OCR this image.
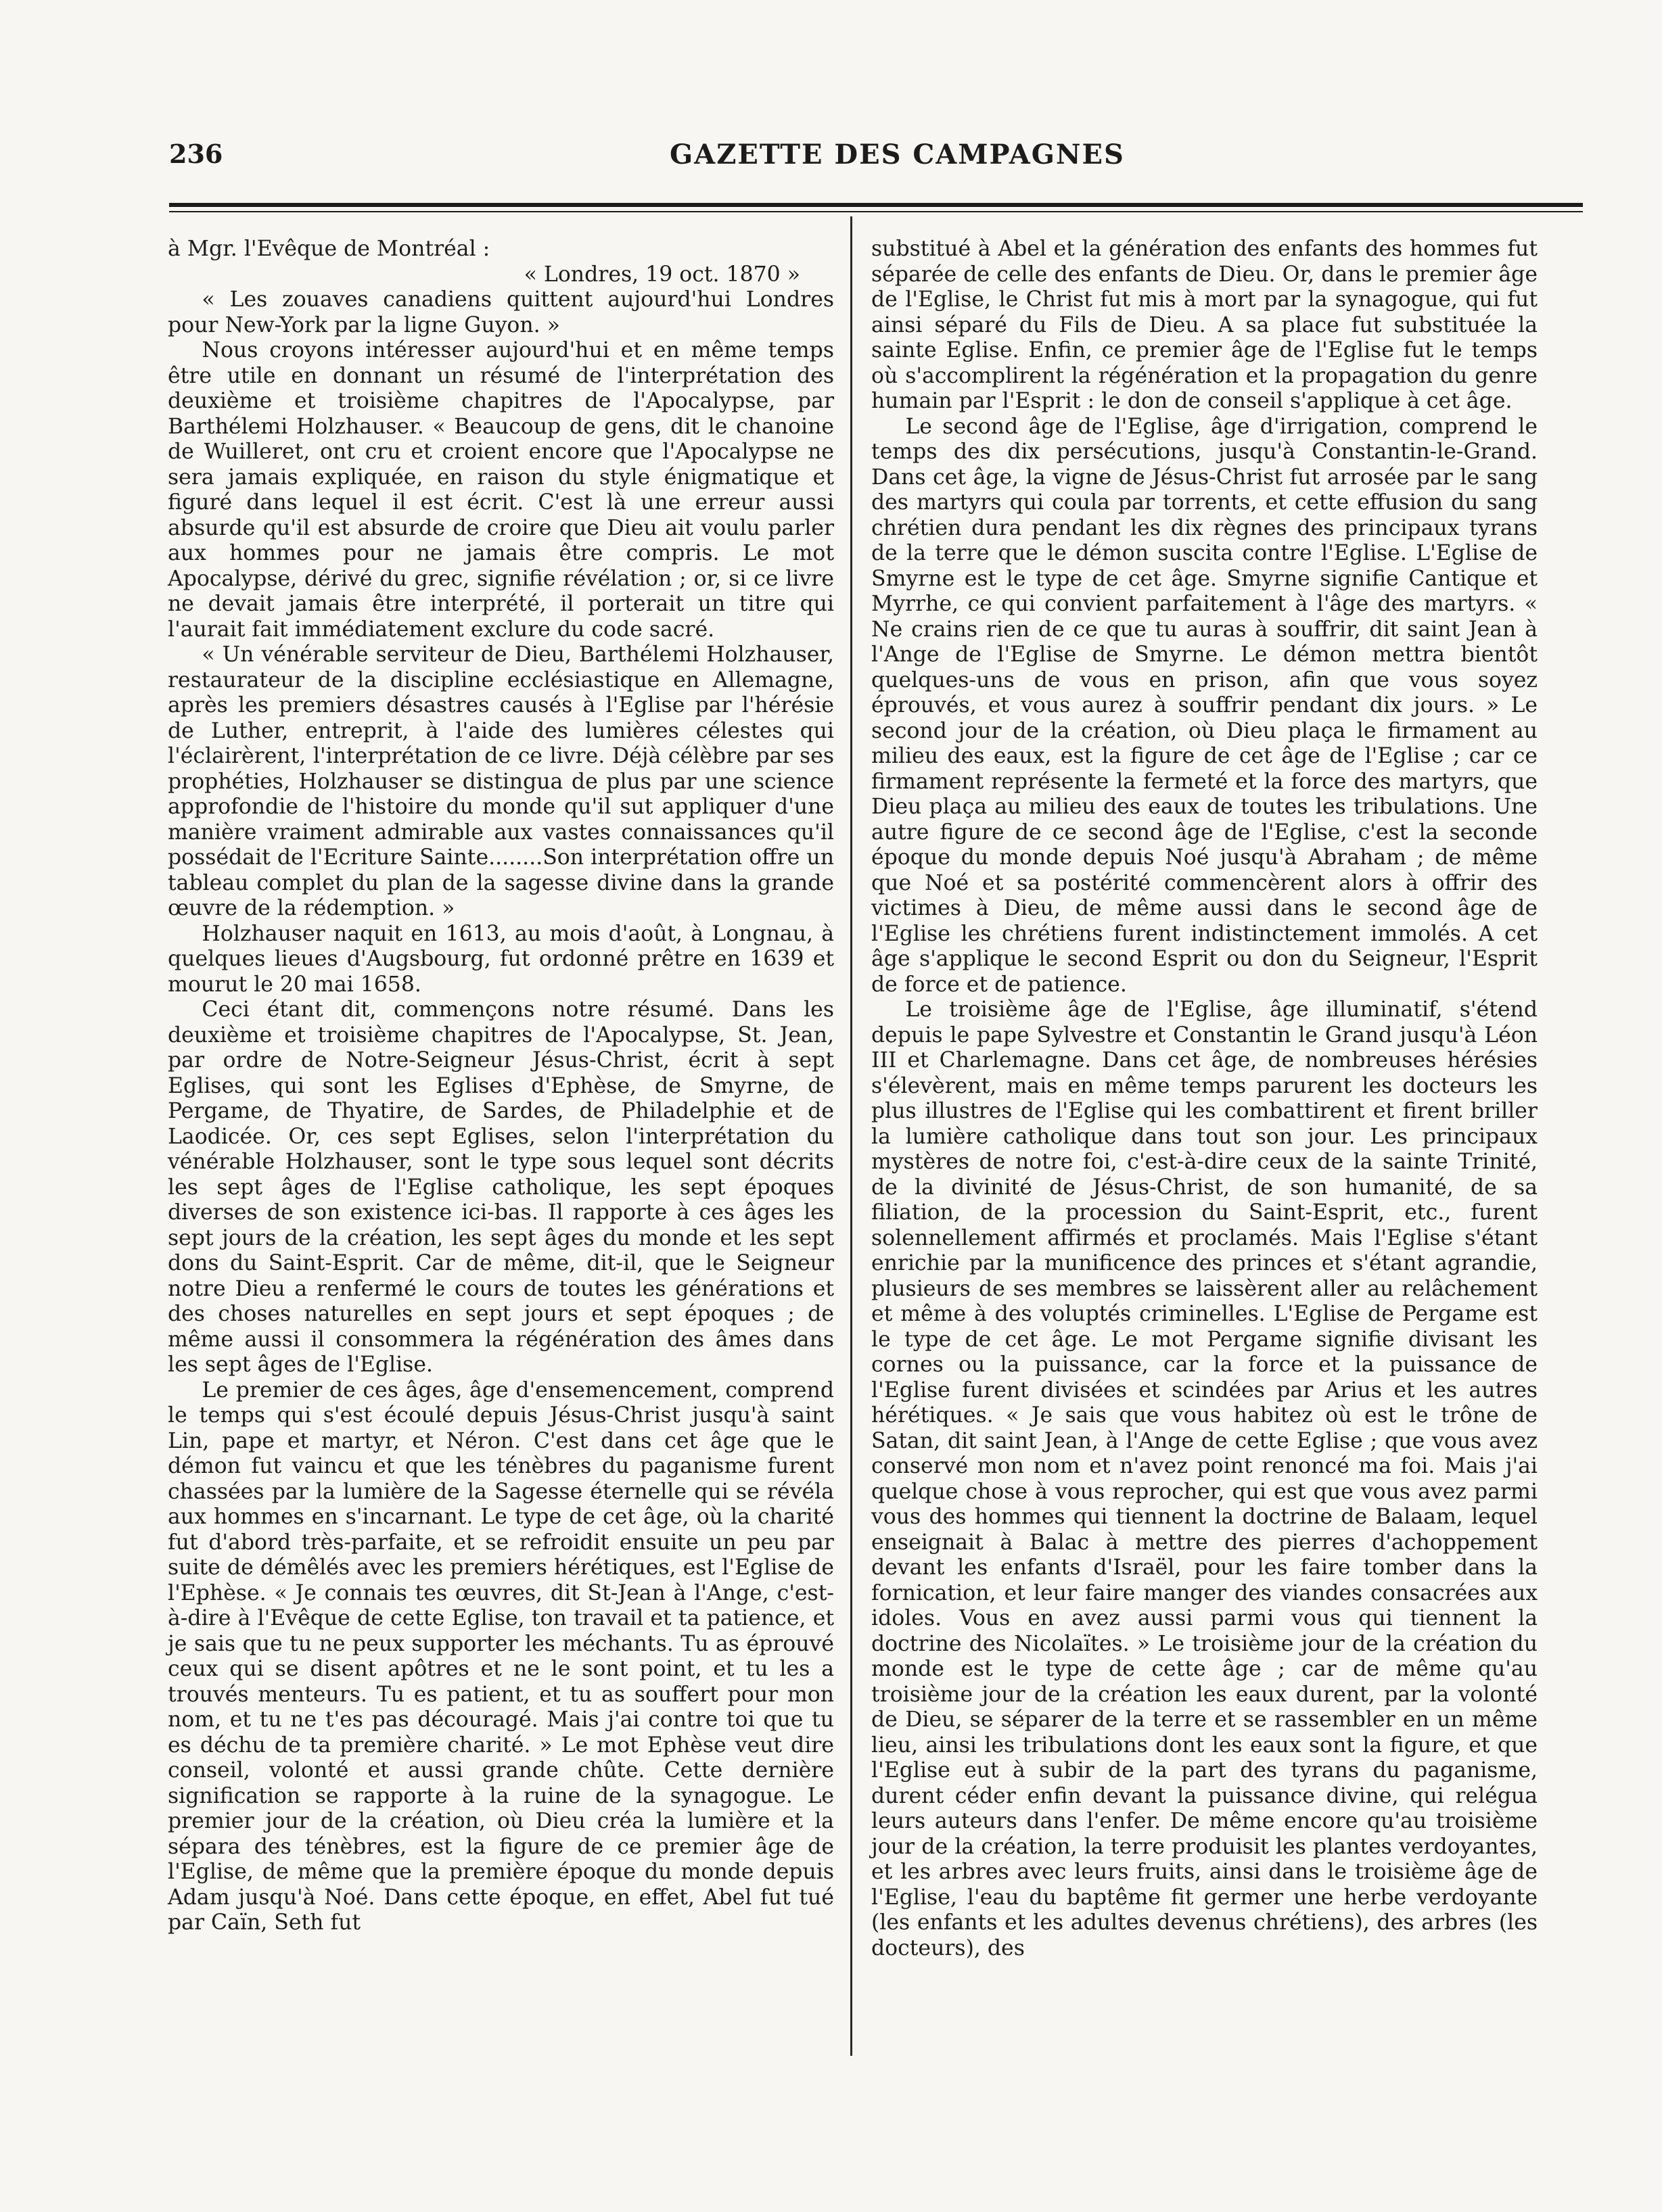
236	GAZETTE DES CAMPAGNES

à Mgr. l'Evêque de Montréal :

« Londres, 19 oct. 1870 »

« Les zouaves canadiens quittent aujourd'hui Londres pour New-York par la ligne Guyon. »

Nous croyons intéresser aujourd'hui et en même temps être utile en donnant un résumé de l'interprétation des deuxième et troisième chapitres de l'Apocalypse, par Barthélemi Holzhauser. « Beaucoup de gens, dit le chanoine de Wuilleret, ont cru et croient encore que l'Apocalypse ne sera jamais expliquée, en raison du style énigmatique et figuré dans lequel il est écrit. C'est là une erreur aussi absurde qu'il est absurde de croire que Dieu ait voulu parler aux hommes pour ne jamais être compris. Le mot Apocalypse, dérivé du grec, signifie révélation ; or, si ce livre ne devait jamais être interprété, il porterait un titre qui l'aurait fait immédiatement exclure du code sacré.

« Un vénérable serviteur de Dieu, Barthélemi Holzhauser, restaurateur de la discipline ecclésiastique en Allemagne, après les premiers désastres causés à l'Eglise par l'hérésie de Luther, entreprit, à l'aide des lumières célestes qui l'éclairèrent, l'interprétation de ce livre. Déjà célèbre par ses prophéties, Holzhauser se distingua de plus par une science approfondie de l'histoire du monde qu'il sut appliquer d'une manière vraiment admirable aux vastes connaissances qu'il possédait de l'Ecriture Sainte........Son interprétation offre un tableau complet du plan de la sagesse divine dans la grande œuvre de la rédemption. »

Holzhauser naquit en 1613, au mois d'août, à Longnau, à quelques lieues d'Augsbourg, fut ordonné prêtre en 1639 et mourut le 20 mai 1658.

Ceci étant dit, commençons notre résumé. Dans les deuxième et troisième chapitres de l'Apocalypse, St. Jean, par ordre de Notre-Seigneur Jésus-Christ, écrit à sept Eglises, qui sont les Eglises d'Ephèse, de Smyrne, de Pergame, de Thyatire, de Sardes, de Philadelphie et de Laodicée. Or, ces sept Eglises, selon l'interprétation du vénérable Holzhauser, sont le type sous lequel sont décrits les sept âges de l'Eglise catholique, les sept époques diverses de son existence ici-bas. Il rapporte à ces âges les sept jours de la création, les sept âges du monde et les sept dons du Saint-Esprit. Car de même, dit-il, que le Seigneur notre Dieu a renfermé le cours de toutes les générations et des choses naturelles en sept jours et sept époques ; de même aussi il consommera la régénération des âmes dans les sept âges de l'Eglise.

Le premier de ces âges, âge d'ensemencement, comprend le temps qui s'est écoulé depuis Jésus-Christ jusqu'à saint Lin, pape et martyr, et Néron. C'est dans cet âge que le démon fut vaincu et que les ténèbres du paganisme furent chassées par la lumière de la Sagesse éternelle qui se révéla aux hommes en s'incarnant. Le type de cet âge, où la charité fut d'abord très-parfaite, et se refroidit ensuite un peu par suite de démêlés avec les premiers hérétiques, est l'Eglise de l'Ephèse. « Je connais tes œuvres, dit St-Jean à l'Ange, c'est-à-dire à l'Evêque de cette Eglise, ton travail et ta patience, et je sais que tu ne peux supporter les méchants. Tu as éprouvé ceux qui se disent apôtres et ne le sont point, et tu les a trouvés menteurs. Tu es patient, et tu as souffert pour mon nom, et tu ne t'es pas découragé. Mais j'ai contre toi que tu es déchu de ta première charité. » Le mot Ephèse veut dire conseil, volonté et aussi grande chûte. Cette dernière signification se rapporte à la ruine de la synagogue. Le premier jour de la création, où Dieu créa la lumière et la sépara des ténèbres, est la figure de ce premier âge de l'Eglise, de même que la première époque du monde depuis Adam jusqu'à Noé. Dans cette époque, en effet, Abel fut tué par Caïn, Seth fut

substitué à Abel et la génération des enfants des hommes fut séparée de celle des enfants de Dieu. Or, dans le premier âge de l'Eglise, le Christ fut mis à mort par la synagogue, qui fut ainsi séparé du Fils de Dieu. A sa place fut substituée la sainte Eglise. Enfin, ce premier âge de l'Eglise fut le temps où s'accomplirent la régénération et la propagation du genre humain par l'Esprit : le don de conseil s'applique à cet âge.

Le second âge de l'Eglise, âge d'irrigation, comprend le temps des dix persécutions, jusqu'à Constantin-le-Grand. Dans cet âge, la vigne de Jésus-Christ fut arrosée par le sang des martyrs qui coula par torrents, et cette effusion du sang chrétien dura pendant les dix règnes des principaux tyrans de la terre que le démon suscita contre l'Eglise. L'Eglise de Smyrne est le type de cet âge. Smyrne signifie Cantique et Myrrhe, ce qui convient parfaitement à l'âge des martyrs. « Ne crains rien de ce que tu auras à souffrir, dit saint Jean à l'Ange de l'Eglise de Smyrne. Le démon mettra bientôt quelques-uns de vous en prison, afin que vous soyez éprouvés, et vous aurez à souffrir pendant dix jours. » Le second jour de la création, où Dieu plaça le firmament au milieu des eaux, est la figure de cet âge de l'Eglise ; car ce firmament représente la fermeté et la force des martyrs, que Dieu plaça au milieu des eaux de toutes les tribulations. Une autre figure de ce second âge de l'Eglise, c'est la seconde époque du monde depuis Noé jusqu'à Abraham ; de même que Noé et sa postérité commencèrent alors à offrir des victimes à Dieu, de même aussi dans le second âge de l'Eglise les chrétiens furent indistinctement immolés. A cet âge s'applique le second Esprit ou don du Seigneur, l'Esprit de force et de patience.

Le troisième âge de l'Eglise, âge illuminatif, s'étend depuis le pape Sylvestre et Constantin le Grand jusqu'à Léon III et Charlemagne. Dans cet âge, de nombreuses hérésies s'élevèrent, mais en même temps parurent les docteurs les plus illustres de l'Eglise qui les combattirent et firent briller la lumière catholique dans tout son jour. Les principaux mystères de notre foi, c'est-à-dire ceux de la sainte Trinité, de la divinité de Jésus-Christ, de son humanité, de sa filiation, de la procession du Saint-Esprit, etc., furent solennellement affirmés et proclamés. Mais l'Eglise s'étant enrichie par la munificence des princes et s'étant agrandie, plusieurs de ses membres se laissèrent aller au relâchement et même à des voluptés criminelles. L'Eglise de Pergame est le type de cet âge. Le mot Pergame signifie divisant les cornes ou la puissance, car la force et la puissance de l'Eglise furent divisées et scindées par Arius et les autres hérétiques. « Je sais que vous habitez où est le trône de Satan, dit saint Jean, à l'Ange de cette Eglise ; que vous avez conservé mon nom et n'avez point renoncé ma foi. Mais j'ai quelque chose à vous reprocher, qui est que vous avez parmi vous des hommes qui tiennent la doctrine de Balaam, lequel enseignait à Balac à mettre des pierres d'achoppement devant les enfants d'Israël, pour les faire tomber dans la fornication, et leur faire manger des viandes consacrées aux idoles. Vous en avez aussi parmi vous qui tiennent la doctrine des Nicolaïtes. » Le troisième jour de la création du monde est le type de cette âge ; car de même qu'au troisième jour de la création les eaux durent, par la volonté de Dieu, se séparer de la terre et se rassembler en un même lieu, ainsi les tribulations dont les eaux sont la figure, et que l'Eglise eut à subir de la part des tyrans du paganisme, durent céder enfin devant la puissance divine, qui relégua leurs auteurs dans l'enfer. De même encore qu'au troisième jour de la création, la terre produisit les plantes verdoyantes, et les arbres avec leurs fruits, ainsi dans le troisième âge de l'Eglise, l'eau du baptême fit germer une herbe verdoyante (les enfants et les adultes devenus chrétiens), des arbres (les docteurs), des
